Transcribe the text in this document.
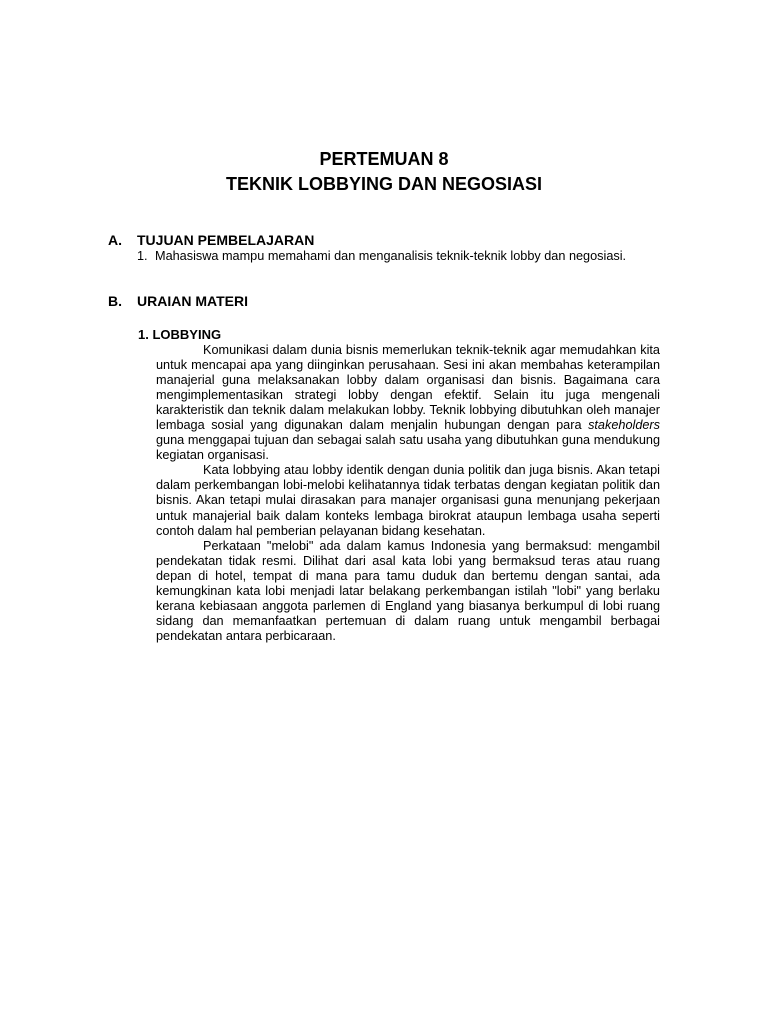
PERTEMUAN 8
TEKNIK LOBBYING DAN NEGOSIASI
A. TUJUAN PEMBELAJARAN
1. Mahasiswa mampu memahami dan menganalisis teknik-teknik lobby dan negosiasi.
B. URAIAN MATERI
1. LOBBYING

Komunikasi dalam dunia bisnis memerlukan teknik-teknik agar memudahkan kita untuk mencapai apa yang diinginkan perusahaan. Sesi ini akan membahas keterampilan manajerial guna melaksanakan lobby dalam organisasi dan bisnis. Bagaimana cara mengimplementasikan strategi lobby dengan efektif. Selain itu juga mengenali karakteristik dan teknik dalam melakukan lobby. Teknik lobbying dibutuhkan oleh manajer lembaga sosial yang digunakan dalam menjalin hubungan dengan para stakeholders guna menggapai tujuan dan sebagai salah satu usaha yang dibutuhkan guna mendukung kegiatan organisasi.

Kata lobbying atau lobby identik dengan dunia politik dan juga bisnis. Akan tetapi dalam perkembangan lobi-melobi kelihatannya tidak terbatas dengan kegiatan politik dan bisnis. Akan tetapi mulai dirasakan para manajer organisasi guna menunjang pekerjaan untuk manajerial baik dalam konteks lembaga birokrat ataupun lembaga usaha seperti contoh dalam hal pemberian pelayanan bidang kesehatan.

Perkataan "melobi" ada dalam kamus Indonesia yang bermaksud: mengambil pendekatan tidak resmi. Dilihat dari asal kata lobi yang bermaksud teras atau ruang depan di hotel, tempat di mana para tamu duduk dan bertemu dengan santai, ada kemungkinan kata lobi menjadi latar belakang perkembangan istilah "lobi" yang berlaku kerana kebiasaan anggota parlemen di England yang biasanya berkumpul di lobi ruang sidang dan memanfaatkan pertemuan di dalam ruang untuk mengambil berbagai pendekatan antara perbicaraan.
